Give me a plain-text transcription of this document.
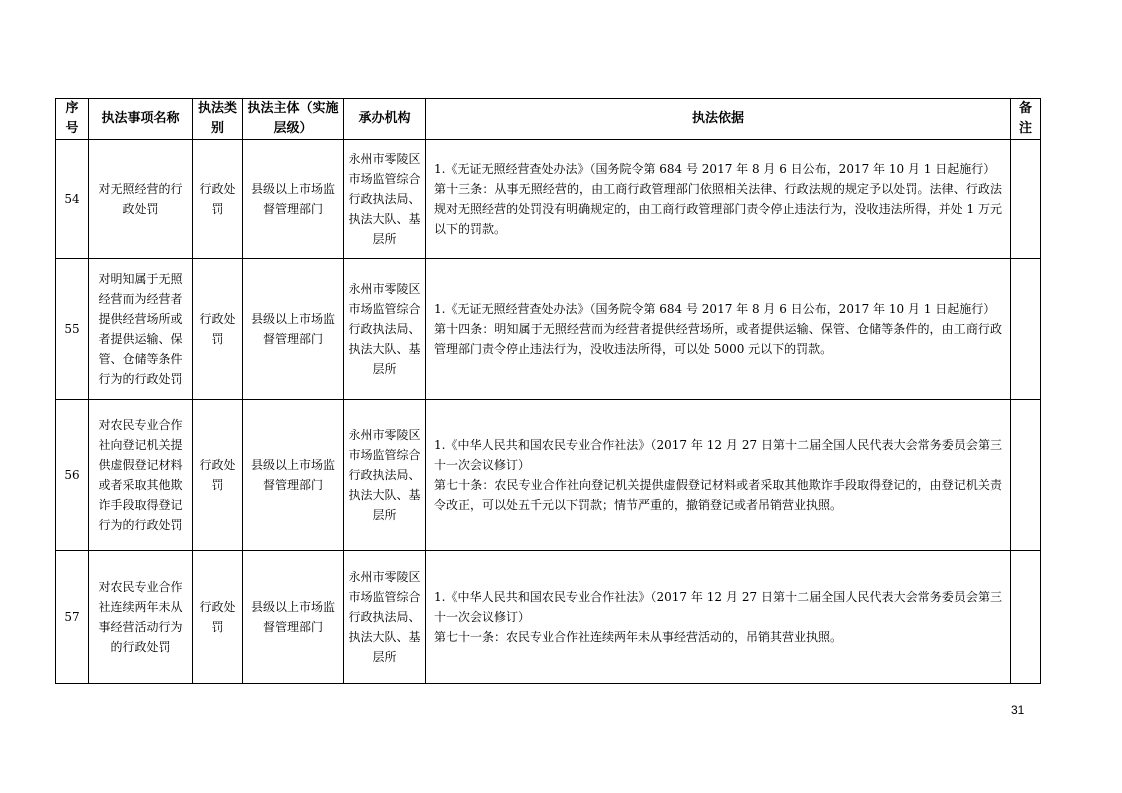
序号	执法事项名称	执法类别	执法主体（实施层级）	承办机构	执法依据	备注
54	对无照经营的行政处罚	行政处罚	县级以上市场监督管理部门	永州市零陵区市场监管综合行政执法局、执法大队、基层所	1.《无证无照经营查处办法》（国务院令第 684 号 2017 年 8 月 6 日公布，2017 年 10 月 1 日起施行）
第十三条：从事无照经营的，由工商行政管理部门依照相关法律、行政法规的规定予以处罚。法律、行政法规对无照经营的处罚没有明确规定的，由工商行政管理部门责令停止违法行为，没收违法所得，并处 1 万元以下的罚款。	

55	对明知属于无照经营而为经营者提供经营场所或者提供运输、保管、仓储等条件行为的行政处罚	行政处罚	县级以上市场监督管理部门	永州市零陵区市场监管综合行政执法局、执法大队、基层所	1.《无证无照经营查处办法》（国务院令第 684 号 2017 年 8 月 6 日公布，2017 年 10 月 1 日起施行）
第十四条：明知属于无照经营而为经营者提供经营场所，或者提供运输、保管、仓储等条件的，由工商行政管理部门责令停止违法行为，没收违法所得，可以处 5000 元以下的罚款。	

56	对农民专业合作社向登记机关提供虚假登记材料或者采取其他欺诈手段取得登记行为的行政处罚	行政处罚	县级以上市场监督管理部门	永州市零陵区市场监管综合行政执法局、执法大队、基层所	1.《中华人民共和国农民专业合作社法》（2017 年 12 月 27 日第十二届全国人民代表大会常务委员会第三十一次会议修订）
第七十条：农民专业合作社向登记机关提供虚假登记材料或者采取其他欺诈手段取得登记的，由登记机关责令改正，可以处五千元以下罚款；情节严重的，撤销登记或者吊销营业执照。	

57	对农民专业合作社连续两年未从事经营活动行为的行政处罚	行政处罚	县级以上市场监督管理部门	永州市零陵区市场监管综合行政执法局、执法大队、基层所	1.《中华人民共和国农民专业合作社法》（2017 年 12 月 27 日第十二届全国人民代表大会常务委员会第三十一次会议修订）
第七十一条：农民专业合作社连续两年未从事经营活动的，吊销其营业执照。	

31
